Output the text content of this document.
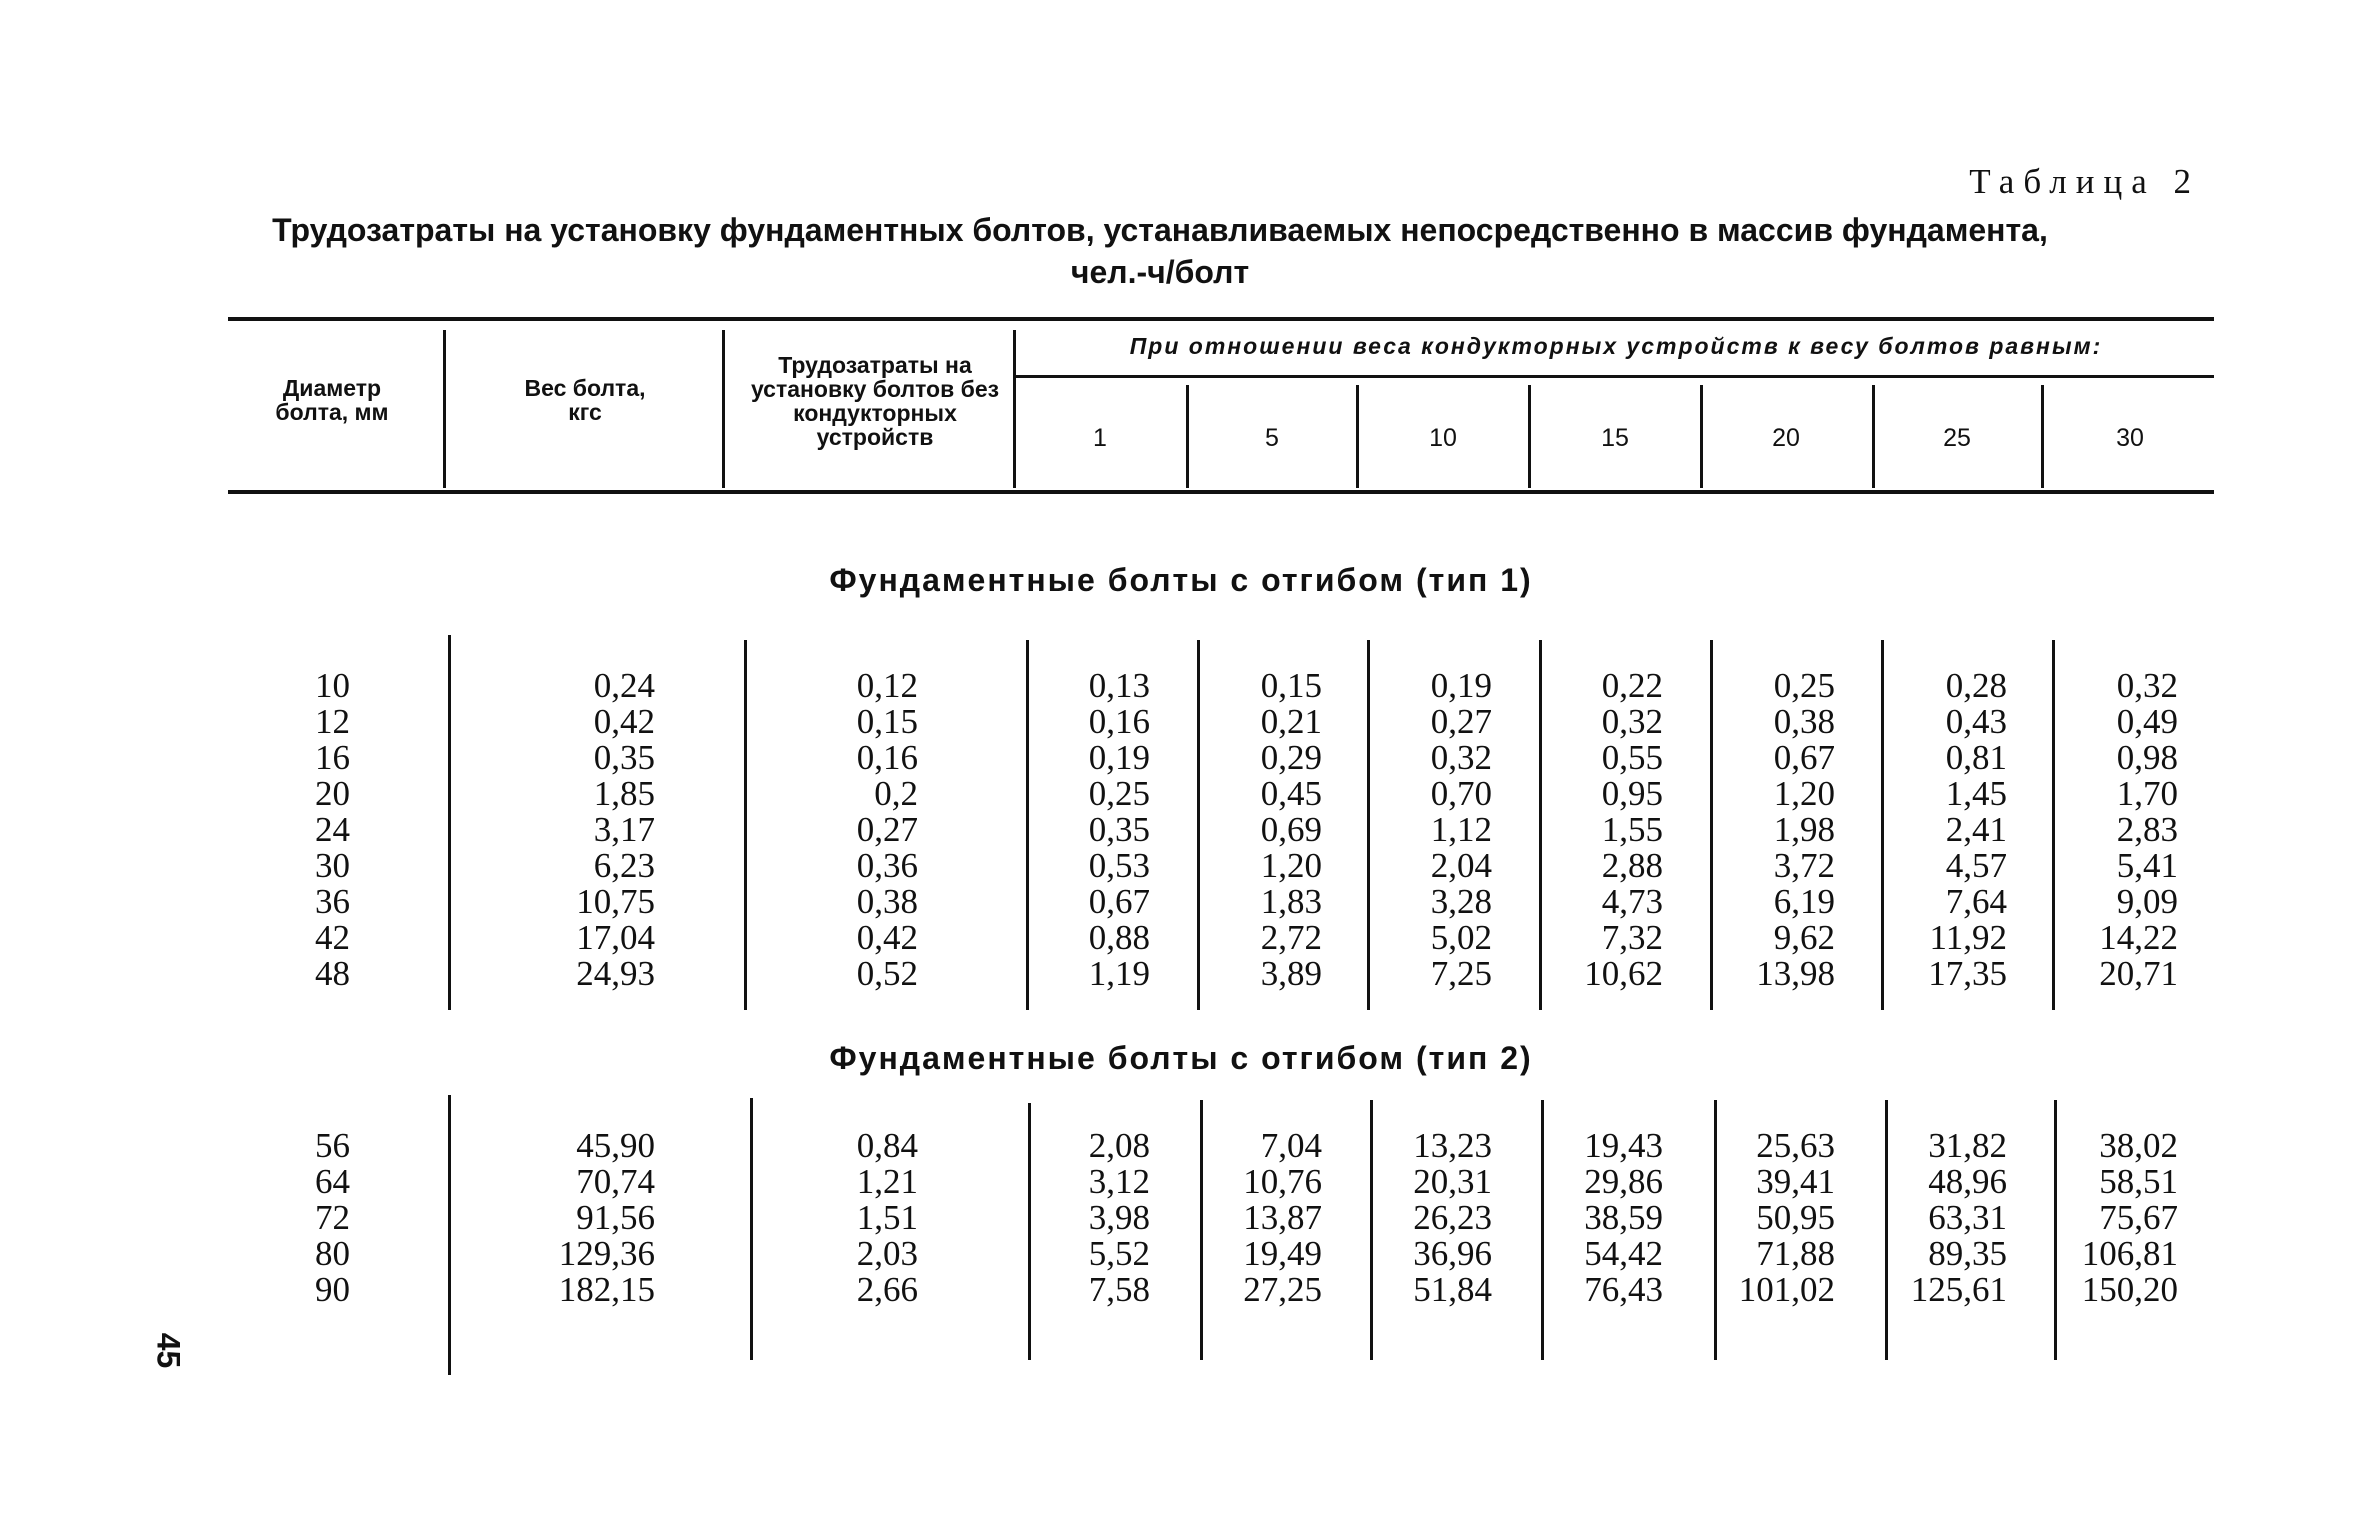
Таблица 2
Трудозатраты на установку фундаментных болтов, устанавливаемых непосредственно в массив фундамента,
чел.-ч/болт
Диаметр болта, мм
Вес болта, кгс
Трудозатраты на установку болтов без кондукторных устройств
При отношении веса кондукторных устройств к весу болтов равным:
1	5	10	15	20	25	30
Фундаментные болты с отгибом (тип 1)
Фундаментные болты с отгибом (тип 2)
10	0,24	0,12	0,13	0,15	0,19	0,22	0,25	0,28	0,32
12	0,42	0,15	0,16	0,21	0,27	0,32	0,38	0,43	0,49
16	0,35	0,16	0,19	0,29	0,32	0,55	0,67	0,81	0,98
20	1,85	0,2	0,25	0,45	0,70	0,95	1,20	1,45	1,70
24	3,17	0,27	0,35	0,69	1,12	1,55	1,98	2,41	2,83
30	6,23	0,36	0,53	1,20	2,04	2,88	3,72	4,57	5,41
36	10,75	0,38	0,67	1,83	3,28	4,73	6,19	7,64	9,09
42	17,04	0,42	0,88	2,72	5,02	7,32	9,62	11,92	14,22
48	24,93	0,52	1,19	3,89	7,25	10,62	13,98	17,35	20,71
56	45,90	0,84	2,08	7,04	13,23	19,43	25,63	31,82	38,02
64	70,74	1,21	3,12	10,76	20,31	29,86	39,41	48,96	58,51
72	91,56	1,51	3,98	13,87	26,23	38,59	50,95	63,31	75,67
80	129,36	2,03	5,52	19,49	36,96	54,42	71,88	89,35	106,81
90	182,15	2,66	7,58	27,25	51,84	76,43	101,02	125,61	150,20
45
